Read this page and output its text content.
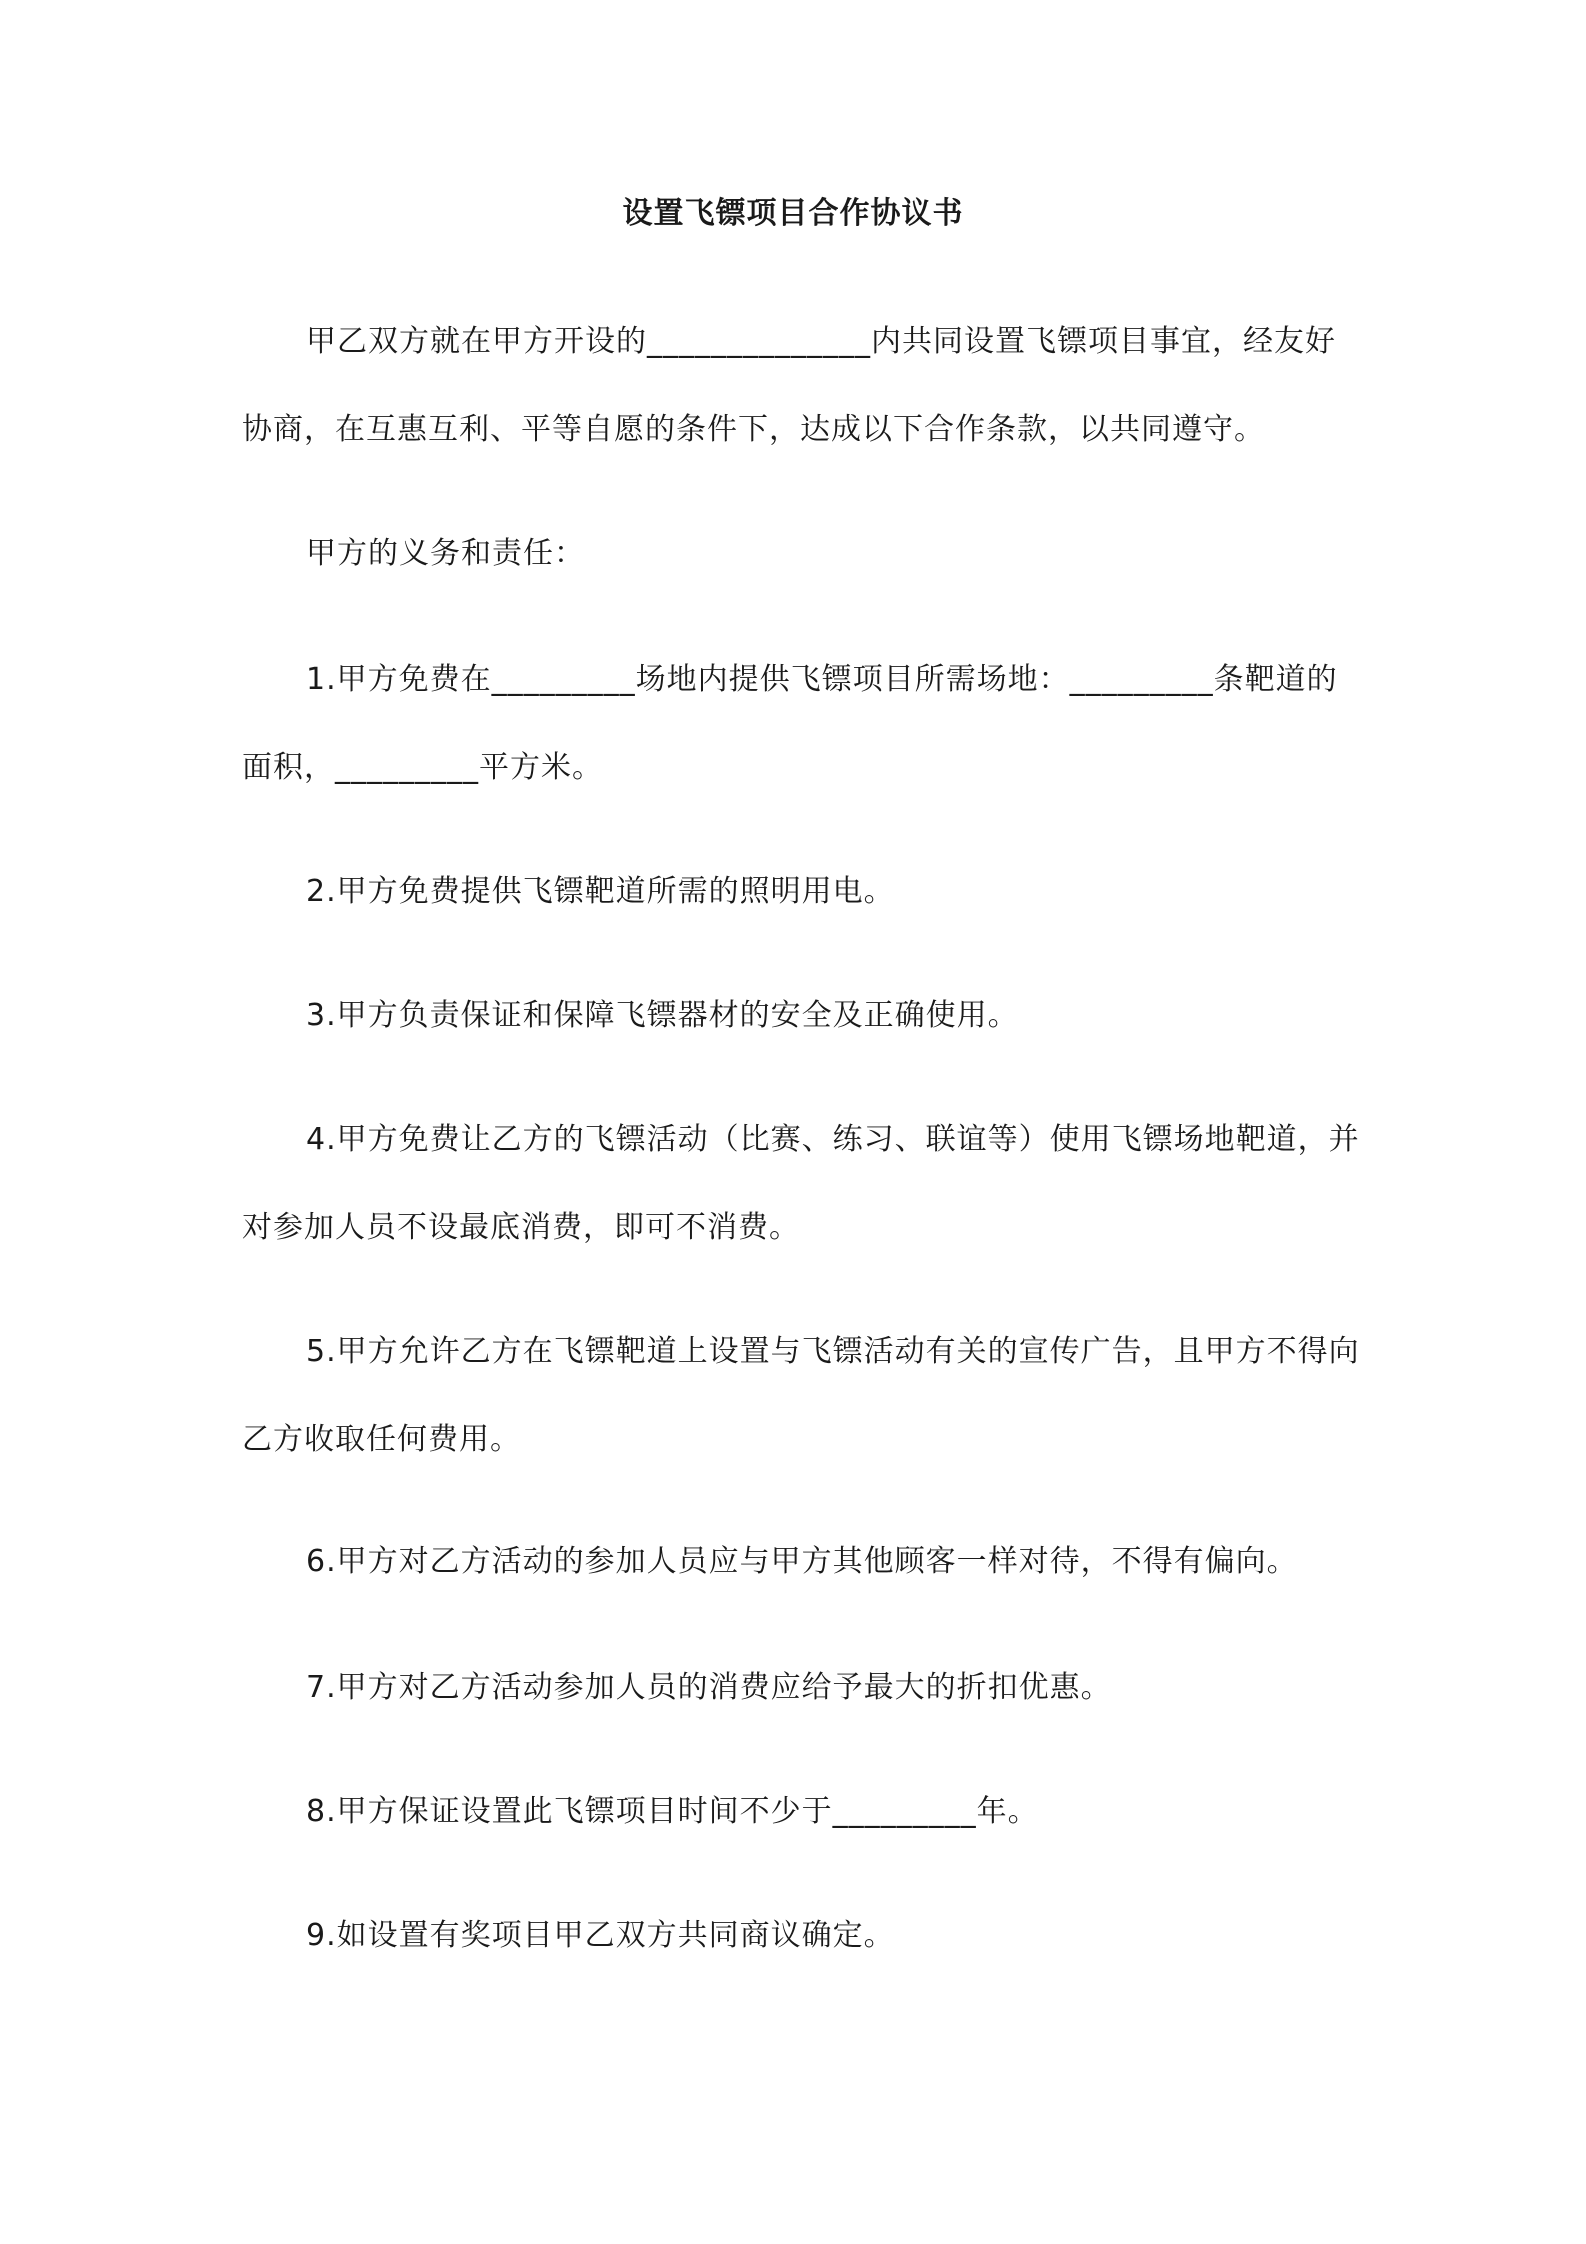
设置飞镖项目合作协议书
甲乙双方就在甲方开设的______________内共同设置飞镖项目事宜，经友好协商，在互惠互利、平等自愿的条件下，达成以下合作条款，以共同遵守。
甲方的义务和责任：
1.甲方免费在_________场地内提供飞镖项目所需场地：_________条靶道的面积，_________平方米。
2.甲方免费提供飞镖靶道所需的照明用电。
3.甲方负责保证和保障飞镖器材的安全及正确使用。
4.甲方免费让乙方的飞镖活动（比赛、练习、联谊等）使用飞镖场地靶道，并对参加人员不设最底消费，即可不消费。
5.甲方允许乙方在飞镖靶道上设置与飞镖活动有关的宣传广告，且甲方不得向乙方收取任何费用。
6.甲方对乙方活动的参加人员应与甲方其他顾客一样对待，不得有偏向。
7.甲方对乙方活动参加人员的消费应给予最大的折扣优惠。
8.甲方保证设置此飞镖项目时间不少于_________年。
9.如设置有奖项目甲乙双方共同商议确定。
